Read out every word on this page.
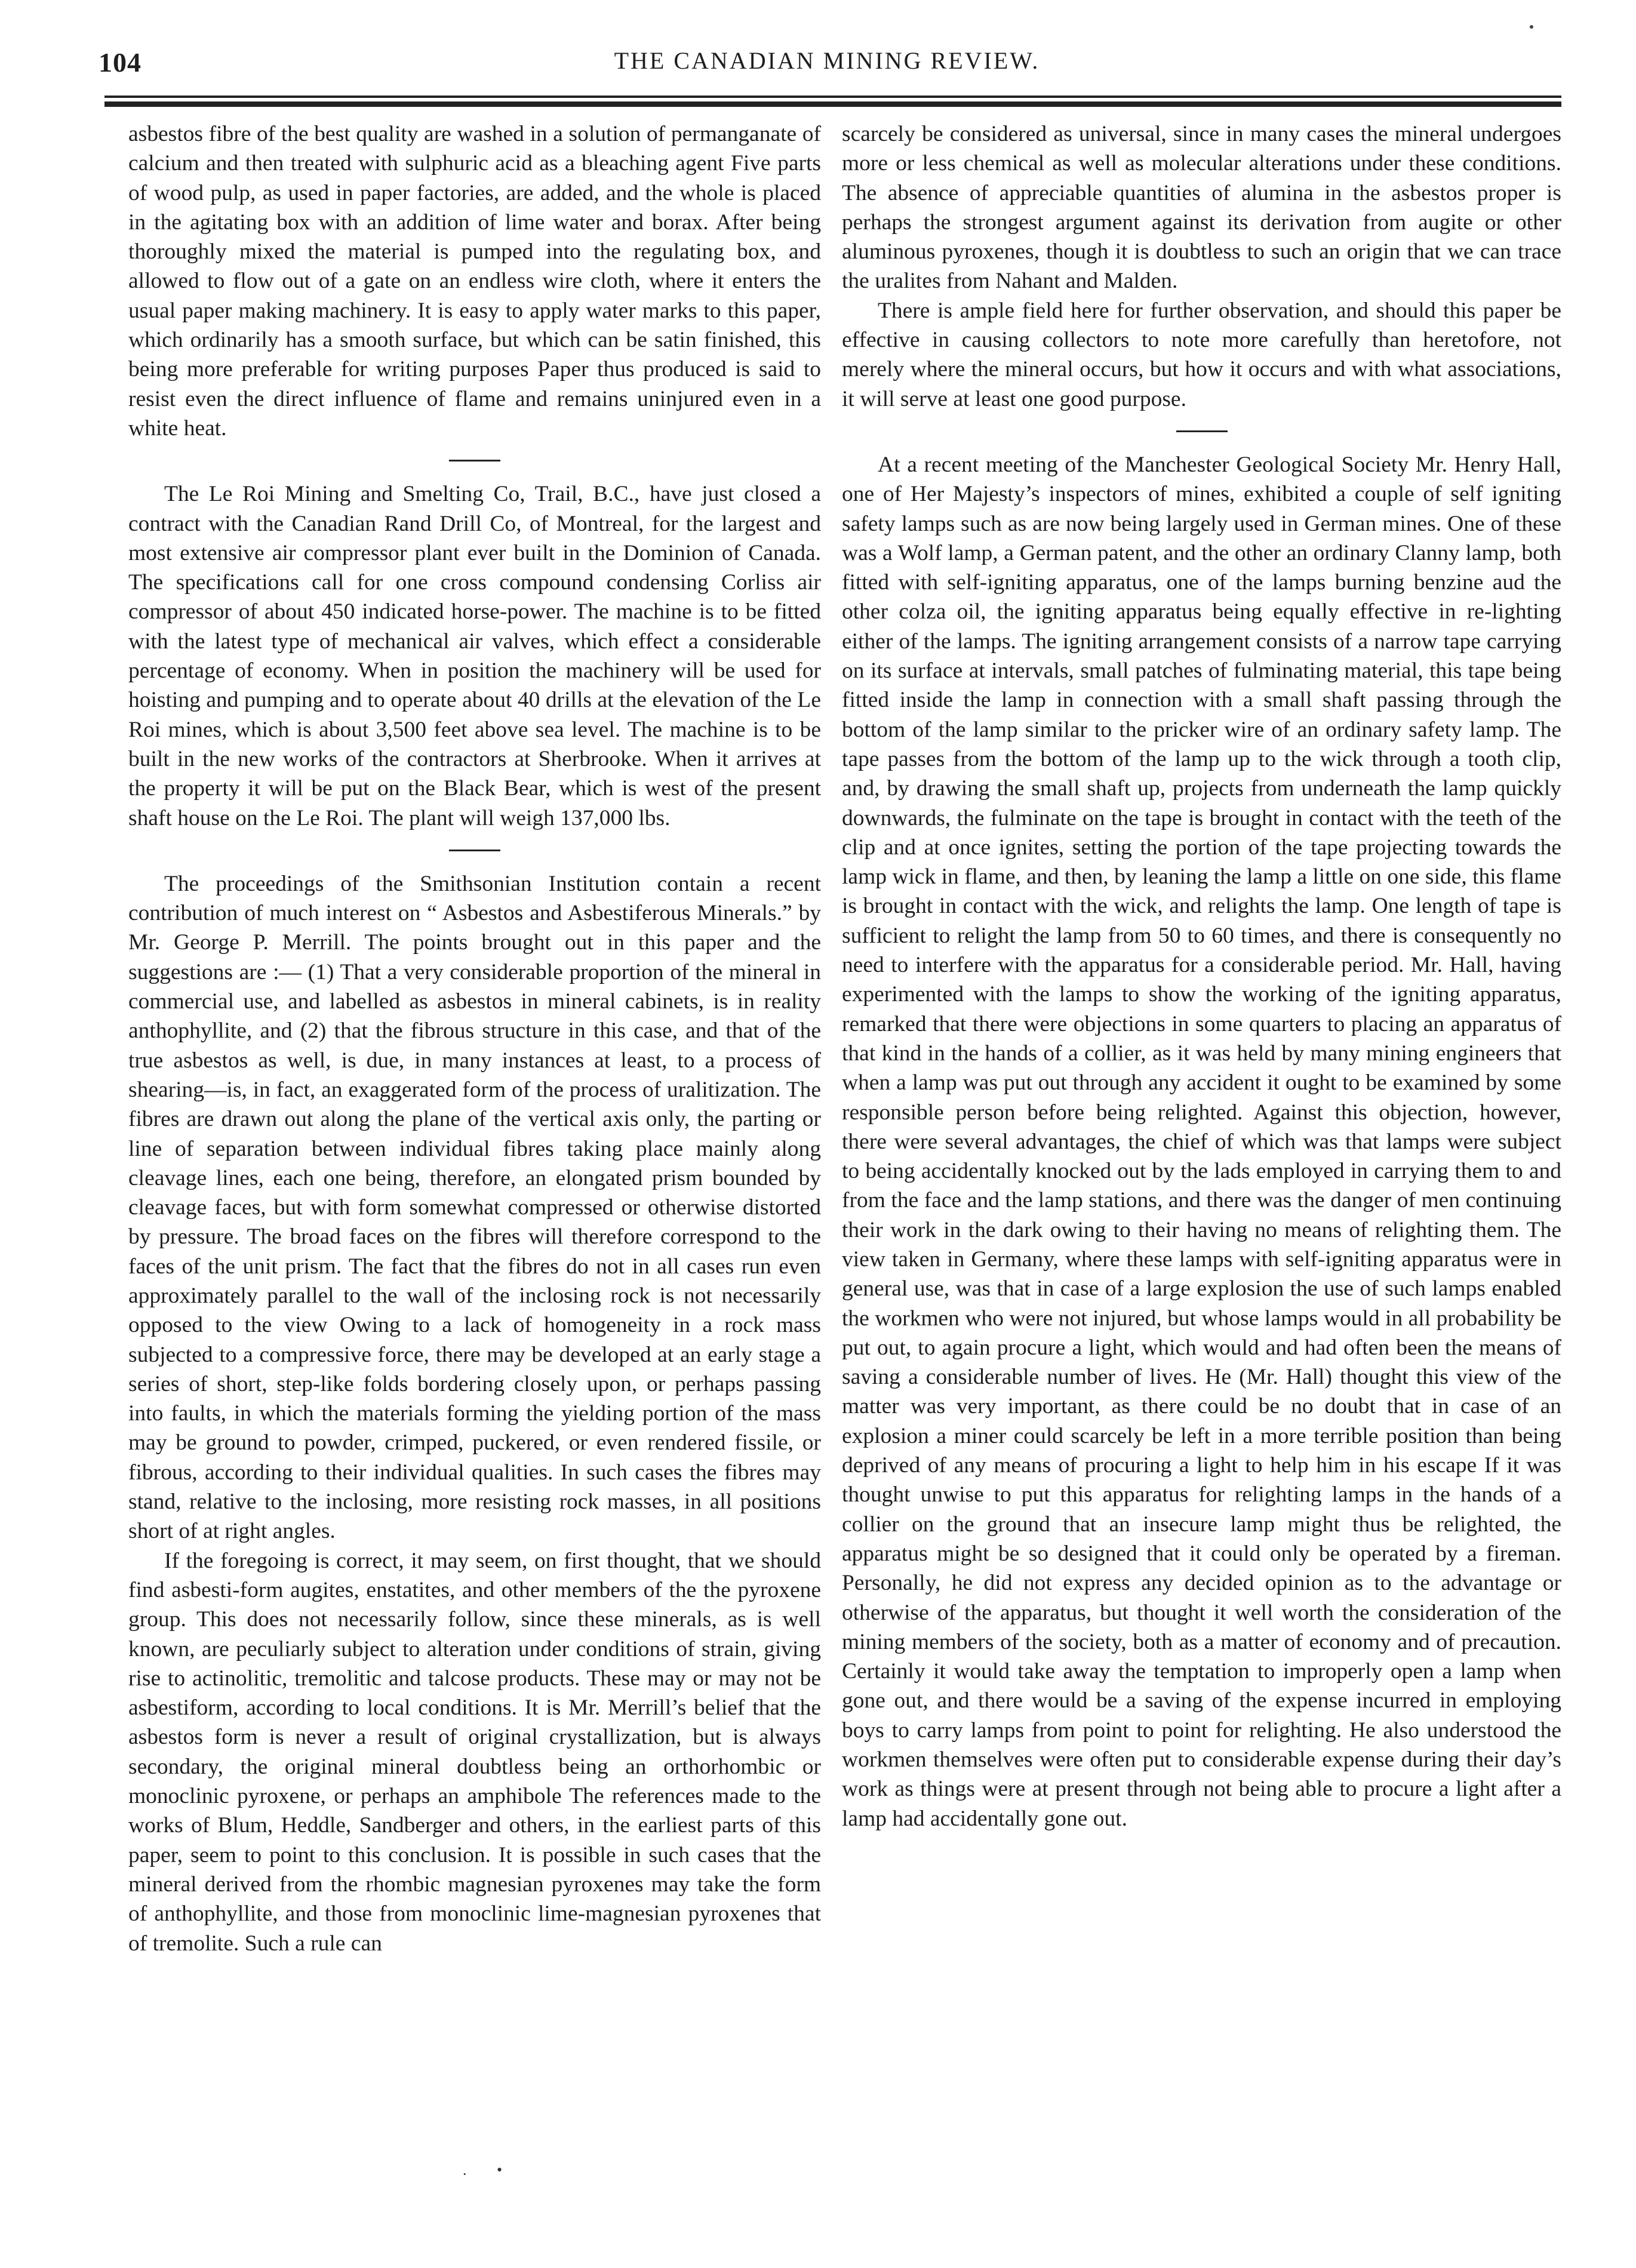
104	THE CANADIAN MINING REVIEW.

asbestos fibre of the best quality are washed in a solution of permanganate of calcium and then treated with sulphuric acid as a bleaching agent Five parts of wood pulp, as used in paper factories, are added, and the whole is placed in the agitating box with an addition of lime water and borax. After being thoroughly mixed the material is pumped into the regulating box, and allowed to flow out of a gate on an endless wire cloth, where it enters the usual paper making machinery. It is easy to apply water marks to this paper, which ordinarily has a smooth surface, but which can be satin finished, this being more preferable for writing purposes Paper thus produced is said to resist even the direct influence of flame and remains uninjured even in a white heat.

The Le Roi Mining and Smelting Co, Trail, B.C., have just closed a contract with the Canadian Rand Drill Co, of Montreal, for the largest and most extensive air compressor plant ever built in the Dominion of Canada. The specifications call for one cross compound condensing Corliss air compressor of about 450 indicated horse-power. The machine is to be fitted with the latest type of mechanical air valves, which effect a considerable percentage of economy. When in position the machinery will be used for hoisting and pumping and to operate about 40 drills at the elevation of the Le Roi mines, which is about 3,500 feet above sea level. The machine is to be built in the new works of the contractors at Sherbrooke. When it arrives at the property it will be put on the Black Bear, which is west of the present shaft house on the Le Roi. The plant will weigh 137,000 lbs.

The proceedings of the Smithsonian Institution contain a recent contribution of much interest on “ Asbestos and Asbestiferous Minerals.” by Mr. George P. Merrill. The points brought out in this paper and the suggestions are :— (1) That a very considerable proportion of the mineral in commercial use, and labelled as asbestos in mineral cabinets, is in reality anthophyllite, and (2) that the fibrous structure in this case, and that of the true asbestos as well, is due, in many instances at least, to a process of shearing—is, in fact, an exaggerated form of the process of uralitization. The fibres are drawn out along the plane of the vertical axis only, the parting or line of separation between individual fibres taking place mainly along cleavage lines, each one being, therefore, an elongated prism bounded by cleavage faces, but with form somewhat compressed or otherwise distorted by pressure. The broad faces on the fibres will therefore correspond to the faces of the unit prism. The fact that the fibres do not in all cases run even approximately parallel to the wall of the inclosing rock is not necessarily opposed to the view Owing to a lack of homogeneity in a rock mass subjected to a compressive force, there may be developed at an early stage a series of short, step-like folds bordering closely upon, or perhaps passing into faults, in which the materials forming the yielding portion of the mass may be ground to powder, crimped, puckered, or even rendered fissile, or fibrous, according to their individual qualities. In such cases the fibres may stand, relative to the inclosing, more resisting rock masses, in all positions short of at right angles.

If the foregoing is correct, it may seem, on first thought, that we should find asbesti-form augites, enstatites, and other members of the the pyroxene group. This does not necessarily follow, since these minerals, as is well known, are peculiarly subject to alteration under conditions of strain, giving rise to actinolitic, tremolitic and talcose products. These may or may not be asbestiform, according to local conditions. It is Mr. Merrill’s belief that the asbestos form is never a result of original crystallization, but is always secondary, the original mineral doubtless being an orthorhombic or monoclinic pyroxene, or perhaps an amphibole The references made to the works of Blum, Heddle, Sandberger and others, in the earliest parts of this paper, seem to point to this conclusion. It is possible in such cases that the mineral derived from the rhombic magnesian pyroxenes may take the form of anthophyllite, and those from monoclinic lime-magnesian pyroxenes that of tremolite. Such a rule can

scarcely be considered as universal, since in many cases the mineral undergoes more or less chemical as well as molecular alterations under these conditions. The absence of appreciable quantities of alumina in the asbestos proper is perhaps the strongest argument against its derivation from augite or other aluminous pyroxenes, though it is doubtless to such an origin that we can trace the uralites from Nahant and Malden.

There is ample field here for further observation, and should this paper be effective in causing collectors to note more carefully than heretofore, not merely where the mineral occurs, but how it occurs and with what associations, it will serve at least one good purpose.

At a recent meeting of the Manchester Geological Society Mr. Henry Hall, one of Her Majesty’s inspectors of mines, exhibited a couple of self igniting safety lamps such as are now being largely used in German mines. One of these was a Wolf lamp, a German patent, and the other an ordinary Clanny lamp, both fitted with self-igniting apparatus, one of the lamps burning benzine aud the other colza oil, the igniting apparatus being equally effective in re-lighting either of the lamps. The igniting arrangement consists of a narrow tape carrying on its surface at intervals, small patches of fulminating material, this tape being fitted inside the lamp in connection with a small shaft passing through the bottom of the lamp similar to the pricker wire of an ordinary safety lamp. The tape passes from the bottom of the lamp up to the wick through a tooth clip, and, by drawing the small shaft up, projects from underneath the lamp quickly downwards, the fulminate on the tape is brought in contact with the teeth of the clip and at once ignites, setting the portion of the tape projecting towards the lamp wick in flame, and then, by leaning the lamp a little on one side, this flame is brought in contact with the wick, and relights the lamp. One length of tape is sufficient to relight the lamp from 50 to 60 times, and there is consequently no need to interfere with the apparatus for a considerable period. Mr. Hall, having experimented with the lamps to show the working of the igniting apparatus, remarked that there were objections in some quarters to placing an apparatus of that kind in the hands of a collier, as it was held by many mining engineers that when a lamp was put out through any accident it ought to be examined by some responsible person before being relighted. Against this objection, however, there were several advantages, the chief of which was that lamps were subject to being accidentally knocked out by the lads employed in carrying them to and from the face and the lamp stations, and there was the danger of men continuing their work in the dark owing to their having no means of relighting them. The view taken in Germany, where these lamps with self-igniting apparatus were in general use, was that in case of a large explosion the use of such lamps enabled the workmen who were not injured, but whose lamps would in all probability be put out, to again procure a light, which would and had often been the means of saving a considerable number of lives. He (Mr. Hall) thought this view of the matter was very important, as there could be no doubt that in case of an explosion a miner could scarcely be left in a more terrible position than being deprived of any means of procuring a light to help him in his escape If it was thought unwise to put this apparatus for relighting lamps in the hands of a collier on the ground that an insecure lamp might thus be relighted, the apparatus might be so designed that it could only be operated by a fireman. Personally, he did not express any decided opinion as to the advantage or otherwise of the apparatus, but thought it well worth the consideration of the mining members of the society, both as a matter of economy and of precaution. Certainly it would take away the temptation to improperly open a lamp when gone out, and there would be a saving of the expense incurred in employing boys to carry lamps from point to point for relighting. He also understood the workmen themselves were often put to considerable expense during their day’s work as things were at present through not being able to procure a light after a lamp had accidentally gone out.

. •
